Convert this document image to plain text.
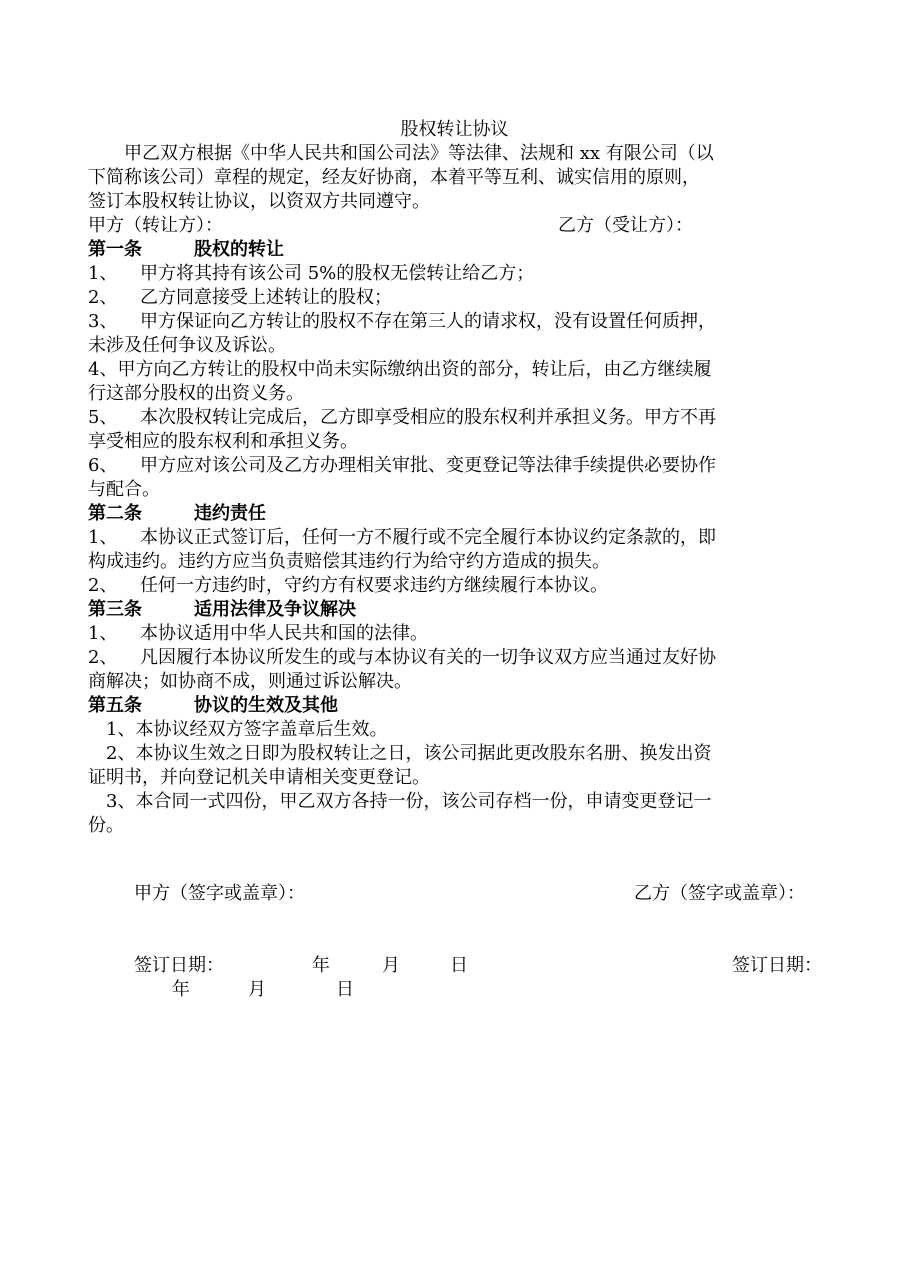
股权转让协议
　　甲乙双方根据《中华人民共和国公司法》等法律、法规和 xx 有限公司（以
下简称该公司）章程的规定，经友好协商，本着平等互利、诚实信用的原则，
签订本股权转让协议，以资双方共同遵守。
甲方（转让方）：	乙方（受让方）：
第一条	股权的转让
1、 甲方将其持有该公司 5%的股权无偿转让给乙方；
2、 乙方同意接受上述转让的股权；
3、 甲方保证向乙方转让的股权不存在第三人的请求权，没有设置任何质押，
未涉及任何争议及诉讼。
4、甲方向乙方转让的股权中尚未实际缴纳出资的部分，转让后，由乙方继续履
行这部分股权的出资义务。
5、 本次股权转让完成后，乙方即享受相应的股东权利并承担义务。甲方不再
享受相应的股东权利和承担义务。
6、 甲方应对该公司及乙方办理相关审批、变更登记等法律手续提供必要协作
与配合。
第二条	违约责任
1、 本协议正式签订后，任何一方不履行或不完全履行本协议约定条款的，即
构成违约。违约方应当负责赔偿其违约行为给守约方造成的损失。
2、 任何一方违约时，守约方有权要求违约方继续履行本协议。
第三条	适用法律及争议解决
1、 本协议适用中华人民共和国的法律。
2、 凡因履行本协议所发生的或与本协议有关的一切争议双方应当通过友好协
商解决；如协商不成，则通过诉讼解决。
第五条	协议的生效及其他
　1、本协议经双方签字盖章后生效。
　2、本协议生效之日即为股权转让之日，该公司据此更改股东名册、换发出资
证明书，并向登记机关申请相关变更登记。
　3、本合同一式四份，甲乙双方各持一份，该公司存档一份，申请变更登记一
份。
甲方（签字或盖章）：	乙方（签字或盖章）：
签订日期：	年	月	日	签订日期：
年	月	日
